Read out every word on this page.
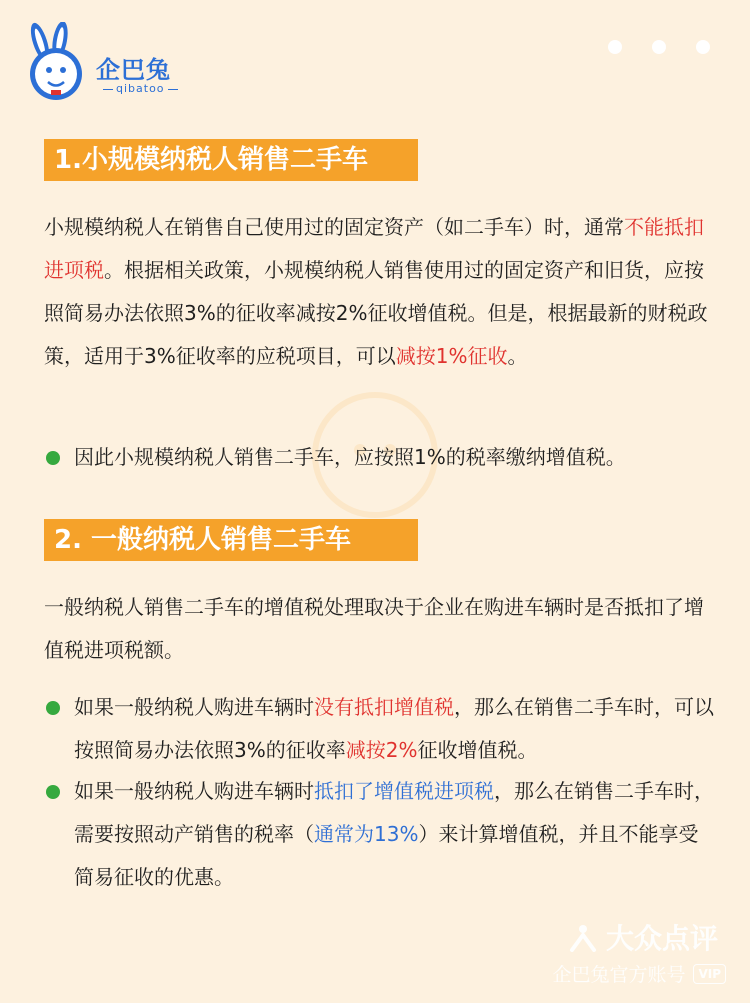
企巴兔
qibatoo
1.小规模纳税人销售二手车
小规模纳税人在销售自己使用过的固定资产（如二手车）时，通常不能抵扣进项税。根据相关政策，小规模纳税人销售使用过的固定资产和旧货，应按照简易办法依照3%的征收率减按2%征收增值税。但是，根据最新的财税政策，适用于3%征收率的应税项目，可以减按1%征收。
因此小规模纳税人销售二手车，应按照1%的税率缴纳增值税。
2. 一般纳税人销售二手车
一般纳税人销售二手车的增值税处理取决于企业在购进车辆时是否抵扣了增值税进项税额。
如果一般纳税人购进车辆时没有抵扣增值税，那么在销售二手车时，可以按照简易办法依照3%的征收率减按2%征收增值税。
如果一般纳税人购进车辆时抵扣了增值税进项税，那么在销售二手车时，需要按照动产销售的税率（通常为13%）来计算增值税，并且不能享受简易征收的优惠。
大众点评
企巴兔官方账号	VIP
